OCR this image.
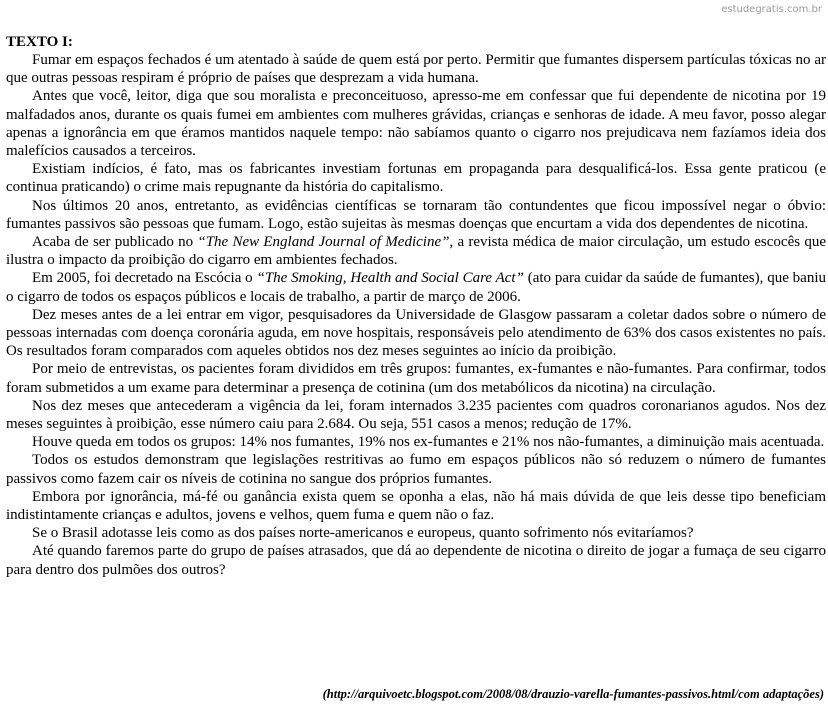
estudegratis.com.br
TEXTO I:

Fumar em espaços fechados é um atentado à saúde de quem está por perto. Permitir que fumantes dispersem partículas tóxicas no ar que outras pessoas respiram é próprio de países que desprezam a vida humana.

Antes que você, leitor, diga que sou moralista e preconceituoso, apresso-me em confessar que fui dependente de nicotina por 19 malfadados anos, durante os quais fumei em ambientes com mulheres grávidas, crianças e senhoras de idade. A meu favor, posso alegar apenas a ignorância em que éramos mantidos naquele tempo: não sabíamos quanto o cigarro nos prejudicava nem fazíamos ideia dos malefícios causados a terceiros.

Existiam indícios, é fato, mas os fabricantes investiam fortunas em propaganda para desqualificá-los. Essa gente praticou (e continua praticando) o crime mais repugnante da história do capitalismo.

Nos últimos 20 anos, entretanto, as evidências científicas se tornaram tão contundentes que ficou impossível negar o óbvio: fumantes passivos são pessoas que fumam. Logo, estão sujeitas às mesmas doenças que encurtam a vida dos dependentes de nicotina.

Acaba de ser publicado no “The New England Journal of Medicine”, a revista médica de maior circulação, um estudo escocês que ilustra o impacto da proibição do cigarro em ambientes fechados.

Em 2005, foi decretado na Escócia o “The Smoking, Health and Social Care Act” (ato para cuidar da saúde de fumantes), que baniu o cigarro de todos os espaços públicos e locais de trabalho, a partir de março de 2006.

Dez meses antes de a lei entrar em vigor, pesquisadores da Universidade de Glasgow passaram a coletar dados sobre o número de pessoas internadas com doença coronária aguda, em nove hospitais, responsáveis pelo atendimento de 63% dos casos existentes no país. Os resultados foram comparados com aqueles obtidos nos dez meses seguintes ao início da proibição.

Por meio de entrevistas, os pacientes foram divididos em três grupos: fumantes, ex-fumantes e não-fumantes. Para confirmar, todos foram submetidos a um exame para determinar a presença de cotinina (um dos metabólicos da nicotina) na circulação.

Nos dez meses que antecederam a vigência da lei, foram internados 3.235 pacientes com quadros coronarianos agudos. Nos dez meses seguintes à proibição, esse número caiu para 2.684. Ou seja, 551 casos a menos; redução de 17%.

Houve queda em todos os grupos: 14% nos fumantes, 19% nos ex-fumantes e 21% nos não-fumantes, a diminuição mais acentuada.

Todos os estudos demonstram que legislações restritivas ao fumo em espaços públicos não só reduzem o número de fumantes passivos como fazem cair os níveis de cotinina no sangue dos próprios fumantes.

Embora por ignorância, má-fé ou ganância exista quem se oponha a elas, não há mais dúvida de que leis desse tipo beneficiam indistintamente crianças e adultos, jovens e velhos, quem fuma e quem não o faz.

Se o Brasil adotasse leis como as dos países norte-americanos e europeus, quanto sofrimento nós evitaríamos?

Até quando faremos parte do grupo de países atrasados, que dá ao dependente de nicotina o direito de jogar a fumaça de seu cigarro para dentro dos pulmões dos outros?

(http://arquivoetc.blogspot.com/2008/08/drauzio-varella-fumantes-passivos.html/com adaptações)
